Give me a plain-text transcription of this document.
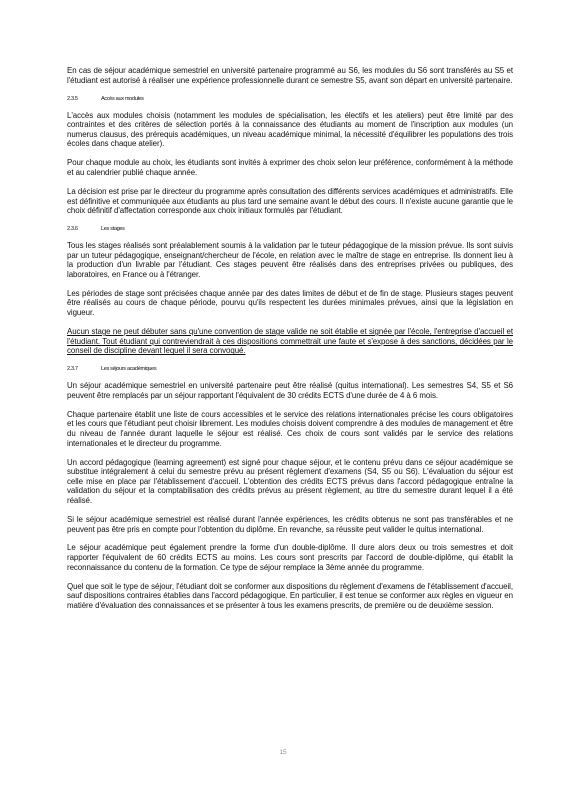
En cas de séjour académique semestriel en université partenaire programmé au S6, les modules du S6 sont transférés au S5 et l'étudiant est autorisé à réaliser une expérience professionnelle durant ce semestre S5, avant son départ en université partenaire.

2.3.5	Accès aux modules

L'accès aux modules choisis (notamment les modules de spécialisation, les électifs et les ateliers) peut être limité par des contraintes et des critères de sélection portés à la connaissance des étudiants au moment de l'inscription aux modules (un numerus clausus, des prérequis académiques, un niveau académique minimal, la nécessité d'équilibrer les populations des trois écoles dans chaque atelier).

Pour chaque module au choix, les étudiants sont invités à exprimer des choix selon leur préférence, conformément à la méthode et au calendrier publié chaque année.

La décision est prise par le directeur du programme après consultation des différents services académiques et administratifs. Elle est définitive et communiquée aux étudiants au plus tard une semaine avant le début des cours. Il n'existe aucune garantie que le choix définitif d'affectation corresponde aux choix initiaux formulés par l'étudiant.

2.3.6	Les stages

Tous les stages réalisés sont préalablement soumis à la validation par le tuteur pédagogique de la mission prévue. Ils sont suivis par un tuteur pédagogique, enseignant/chercheur de l'école, en relation avec le maître de stage en entreprise. Ils donnent lieu à la production d'un livrable par l'étudiant. Ces stages peuvent être réalisés dans des entreprises privées ou publiques, des laboratoires, en France ou à l'étranger.

Les périodes de stage sont précisées chaque année par des dates limites de début et de fin de stage. Plusieurs stages peuvent être réalisés au cours de chaque période, pourvu qu'ils respectent les durées minimales prévues, ainsi que la législation en vigueur.

Aucun stage ne peut débuter sans qu'une convention de stage valide ne soit établie et signée par l'école, l'entreprise d'accueil et l'étudiant. Tout étudiant qui contreviendrait à ces dispositions commettrait une faute et s'expose à des sanctions, décidées par le conseil de discipline devant lequel il sera convoqué.

2.3.7	Les séjours académiques

Un séjour académique semestriel en université partenaire peut être réalisé (quitus international). Les semestres S4, S5 et S6 peuvent être remplacés par un séjour rapportant l'équivalent de 30 crédits ECTS d'une durée de 4 à 6 mois.

Chaque partenaire établit une liste de cours accessibles et le service des relations internationales précise les cours obligatoires et les cours que l'étudiant peut choisir librement. Les modules choisis doivent comprendre à des modules de management et être du niveau de l'année durant laquelle le séjour est réalisé. Ces choix de cours sont validés par le service des relations internationales et le directeur du programme.

Un accord pédagogique (learning agreement) est signé pour chaque séjour, et le contenu prévu dans ce séjour académique se substitue intégralement à celui du semestre prévu au présent règlement d'examens (S4, S5 ou S6). L'évaluation du séjour est celle mise en place par l'établissement d'accueil. L'obtention des crédits ECTS prévus dans l'accord pédagogique entraîne la validation du séjour et la comptabilisation des crédits prévus au présent règlement, au titre du semestre durant lequel il a été réalisé.

Si le séjour académique semestriel est réalisé durant l'année expériences, les crédits obtenus ne sont pas transférables et ne peuvent pas être pris en compte pour l'obtention du diplôme. En revanche, sa réussite peut valider le quitus international.

Le séjour académique peut également prendre la forme d'un double-diplôme. Il dure alors deux ou trois semestres et doit rapporter l'équivalent de 60 crédits ECTS au moins. Les cours sont prescrits par l'accord de double-diplôme, qui établit la reconnaissance du contenu de la formation. Ce type de séjour remplace la 3ème année du programme.

Quel que soit le type de séjour, l'étudiant doit se conformer aux dispositions du règlement d'examens de l'établissement d'accueil, sauf dispositions contraires établies dans l'accord pédagogique. En particulier, il est tenue se conformer aux règles en vigueur en matière d'évaluation des connaissances et se présenter à tous les examens prescrits, de première ou de deuxième session.

15
